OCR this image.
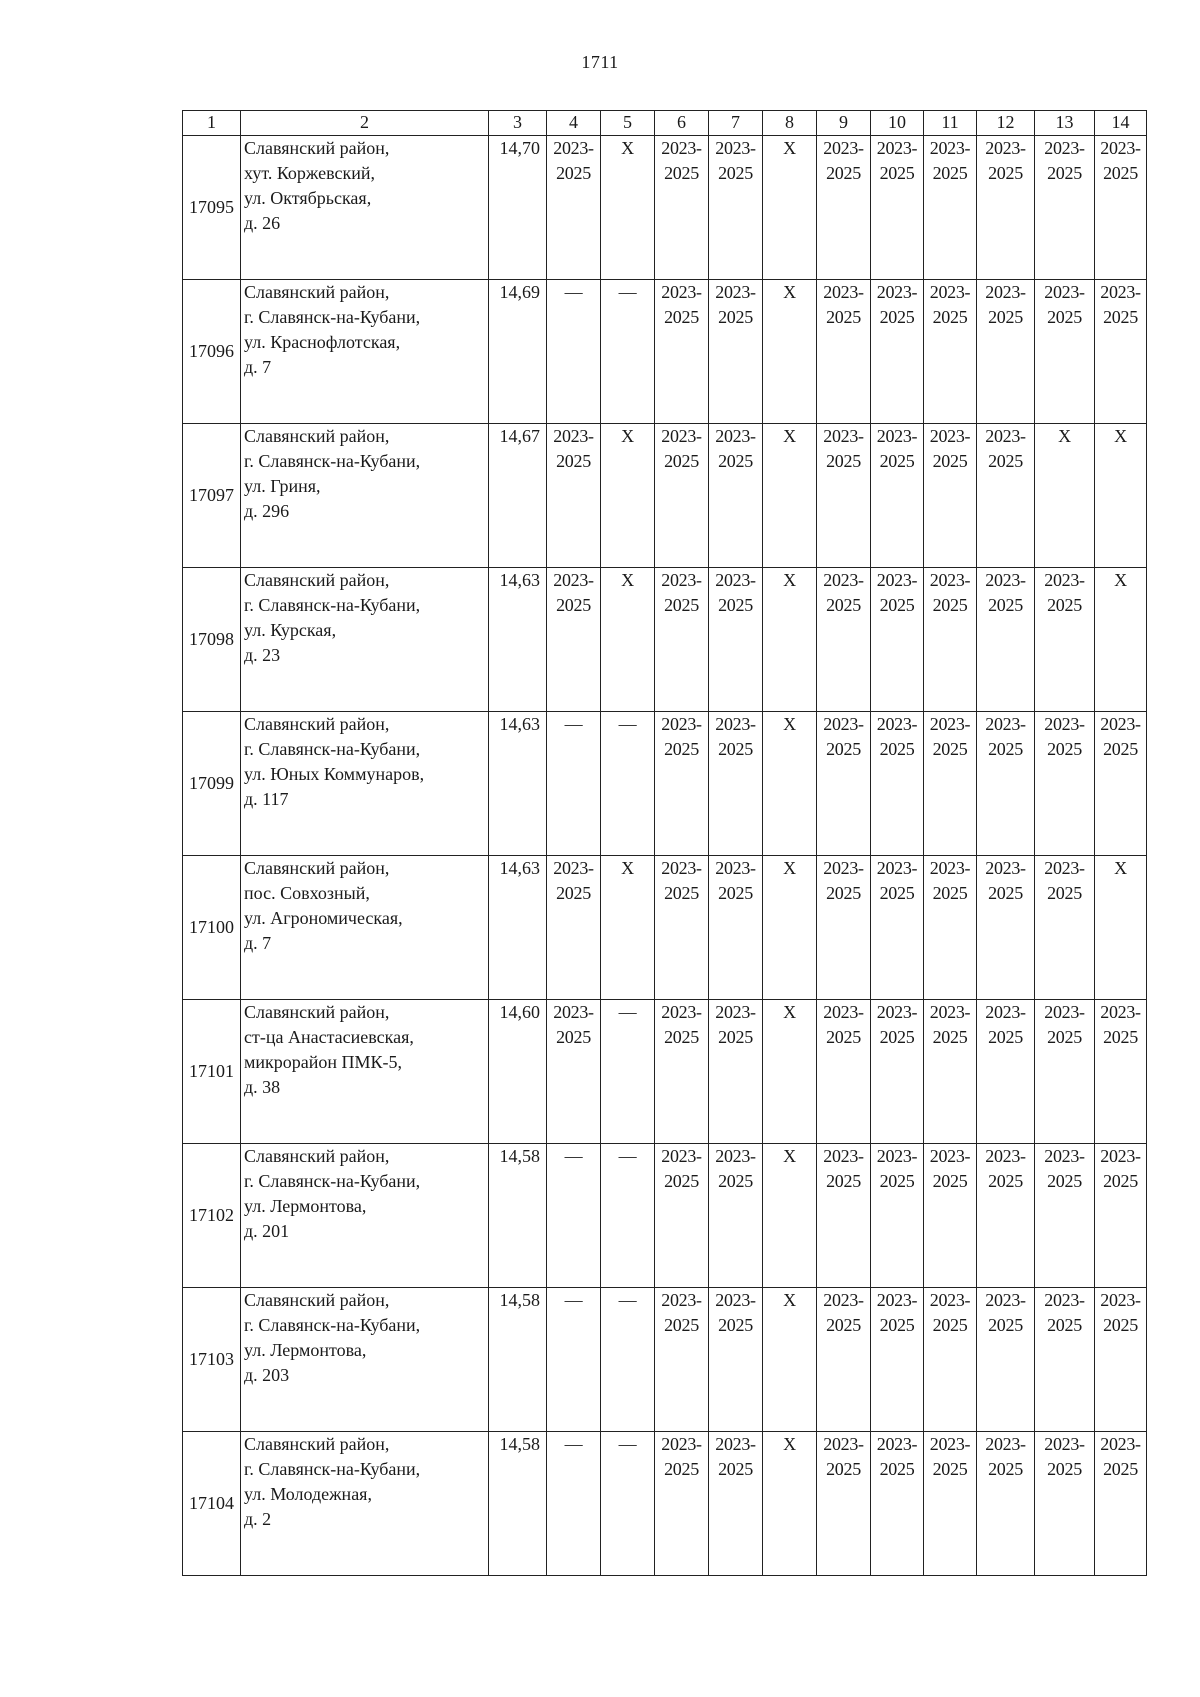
1711
1	2	3	4	5	6	7	8	9	10	11	12	13	14
17095	Славянский район,
хут. Коржевский,
ул. Октябрьская,
д. 26	14,70	2023-
2025	Х	2023-
2025	2023-
2025	Х	2023-
2025	2023-
2025	2023-
2025	2023-
2025	2023-
2025	2023-
2025

17096	Славянский район,
г. Славянск-на-Кубани,
ул. Краснофлотская,
д. 7	14,69	—	—	2023-
2025	2023-
2025	Х	2023-
2025	2023-
2025	2023-
2025	2023-
2025	2023-
2025	2023-
2025

17097	Славянский район,
г. Славянск-на-Кубани,
ул. Гриня,
д. 296	14,67	2023-
2025	Х	2023-
2025	2023-
2025	Х	2023-
2025	2023-
2025	2023-
2025	2023-
2025	Х	Х

17098	Славянский район,
г. Славянск-на-Кубани,
ул. Курская,
д. 23	14,63	2023-
2025	Х	2023-
2025	2023-
2025	Х	2023-
2025	2023-
2025	2023-
2025	2023-
2025	2023-
2025	Х

17099	Славянский район,
г. Славянск-на-Кубани,
ул. Юных Коммунаров,
д. 117	14,63	—	—	2023-
2025	2023-
2025	Х	2023-
2025	2023-
2025	2023-
2025	2023-
2025	2023-
2025	2023-
2025

17100	Славянский район,
пос. Совхозный,
ул. Агрономическая,
д. 7	14,63	2023-
2025	Х	2023-
2025	2023-
2025	Х	2023-
2025	2023-
2025	2023-
2025	2023-
2025	2023-
2025	Х

17101	Славянский район,
ст-ца Анастасиевская,
микрорайон ПМК-5,
д. 38	14,60	2023-
2025	—	2023-
2025	2023-
2025	Х	2023-
2025	2023-
2025	2023-
2025	2023-
2025	2023-
2025	2023-
2025

17102	Славянский район,
г. Славянск-на-Кубани,
ул. Лермонтова,
д. 201	14,58	—	—	2023-
2025	2023-
2025	Х	2023-
2025	2023-
2025	2023-
2025	2023-
2025	2023-
2025	2023-
2025

17103	Славянский район,
г. Славянск-на-Кубани,
ул. Лермонтова,
д. 203	14,58	—	—	2023-
2025	2023-
2025	Х	2023-
2025	2023-
2025	2023-
2025	2023-
2025	2023-
2025	2023-
2025

17104	Славянский район,
г. Славянск-на-Кубани,
ул. Молодежная,
д. 2	14,58	—	—	2023-
2025	2023-
2025	Х	2023-
2025	2023-
2025	2023-
2025	2023-
2025	2023-
2025	2023-
2025
